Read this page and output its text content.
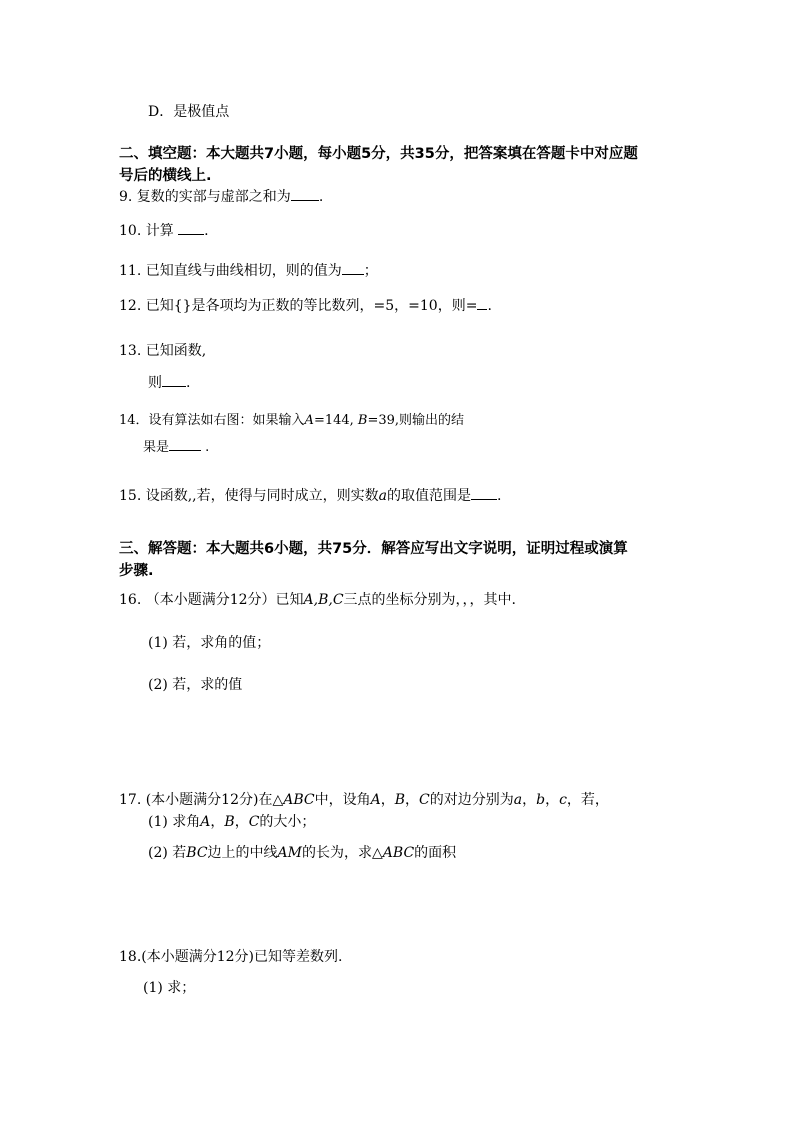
D．是极值点
二、填空题：本大题共7小题，每小题5分，共35分，把答案填在答题卡中对应题
号后的横线上.
9. 复数的实部与虚部之和为 .
10. 计算 .
11. 已知直线与曲线相切，则的值为 ；
12. 已知{}是各项均为正数的等比数列，=5，=10，则= .
13. 已知函数,
则 .
14．设有算法如右图：如果输入A=144, B=39,则输出的结
果是 .
15. 设函数,,若，使得与同时成立，则实数a的取值范围是 .
三、解答题：本大题共6小题，共75分．解答应写出文字说明，证明过程或演算
步骤.
16. （本小题满分12分）已知A,B,C三点的坐标分别为，，，其中.
(1) 若，求角的值；
(2) 若，求的值
17. (本小题满分12分)在△ABC中，设角A，B，C的对边分别为a，b，c，若，
(1) 求角A，B，C的大小；
(2) 若BC边上的中线AM的长为，求△ABC的面积
18.(本小题满分12分)已知等差数列.
(1) 求；
